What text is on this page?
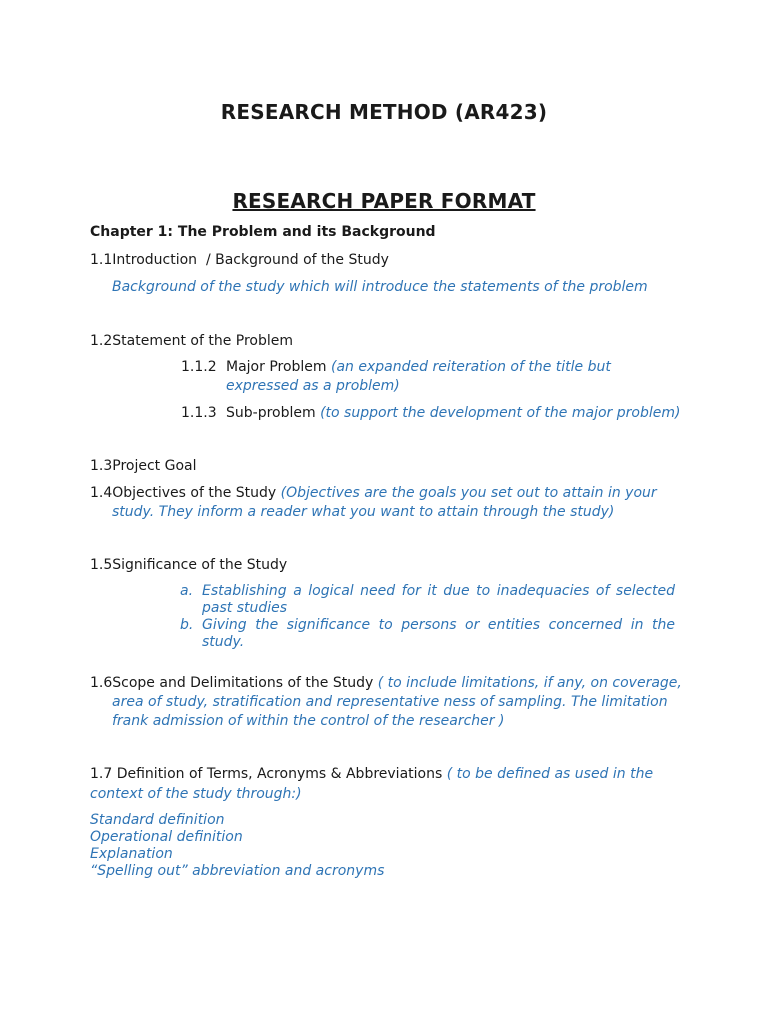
RESEARCH METHOD (AR423)
RESEARCH PAPER FORMAT
Chapter 1: The Problem and its Background
1.1Introduction  / Background of the Study
Background of the study which will introduce the statements of the problem
1.2Statement of the Problem
1.1.2 Major Problem (an expanded reiteration of the title but
expressed as a problem)
1.1.3 Sub-problem (to support the development of the major problem)
1.3Project Goal
1.4Objectives of the Study (Objectives are the goals you set out to attain in your
study. They inform a reader what you want to attain through the study)
1.5Significance of the Study
a. Establishing a logical need for it due to inadequacies of selected past studies
b. Giving the significance to persons or entities concerned in the study.
1.6Scope and Delimitations of the Study ( to include limitations, if any, on coverage,
area of study, stratification and representative ness of sampling. The limitation
frank admission of within the control of the researcher )
1.7 Definition of Terms, Acronyms & Abbreviations ( to be defined as used in the
context of the study through:)
Standard definition
Operational definition
Explanation
“Spelling out” abbreviation and acronyms
